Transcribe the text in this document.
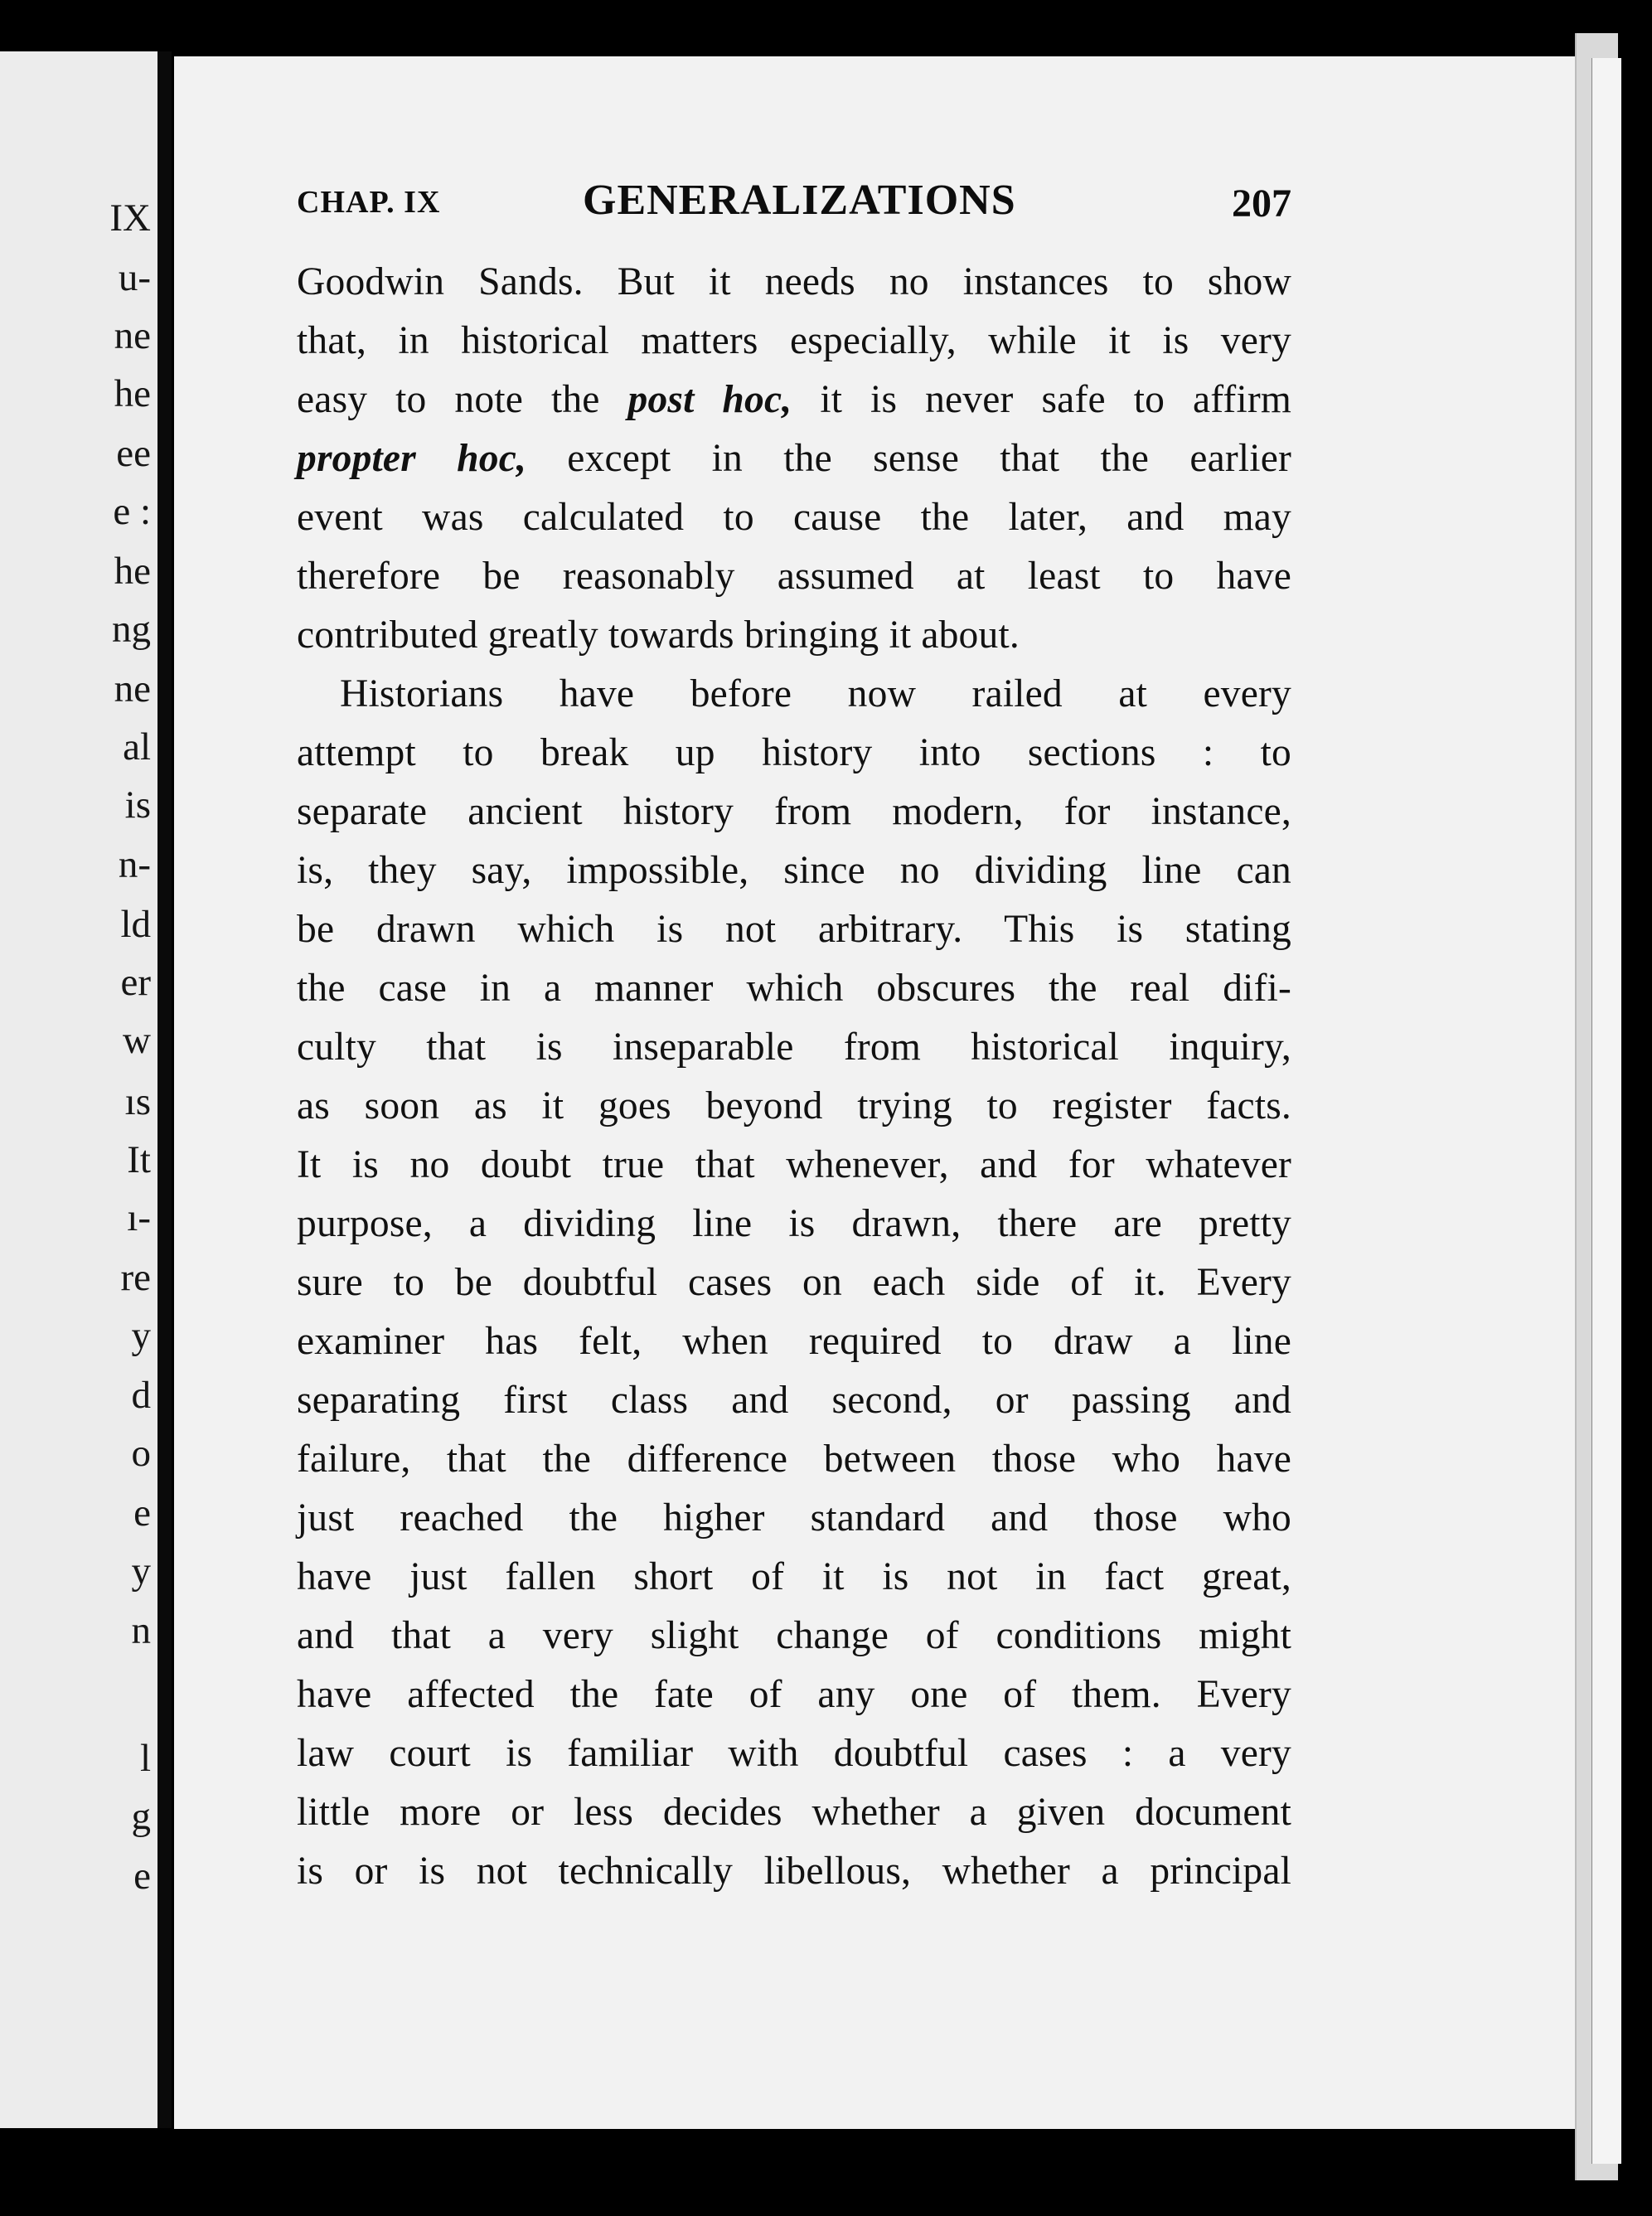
IX
u-
ne
he
ee
e :
he
ng
ne
al
is
n-
ld
er
w
ıs
It
ı-
re
y
d
o
e
y
n
l
g
e
CHAP. IX	GENERALIZATIONS	207
Goodwin Sands. But it needs no instances to show
that, in historical matters especially, while it is very
easy to note the post hoc, it is never safe to affirm
propter hoc, except in the sense that the earlier
event was calculated to cause the later, and may
therefore be reasonably assumed at least to have
contributed greatly towards bringing it about.
Historians have before now railed at every
attempt to break up history into sections : to
separate ancient history from modern, for instance,
is, they say, impossible, since no dividing line can
be drawn which is not arbitrary. This is stating
the case in a manner which obscures the real difi-
culty that is inseparable from historical inquiry,
as soon as it goes beyond trying to register facts.
It is no doubt true that whenever, and for whatever
purpose, a dividing line is drawn, there are pretty
sure to be doubtful cases on each side of it. Every
examiner has felt, when required to draw a line
separating first class and second, or passing and
failure, that the difference between those who have
just reached the higher standard and those who
have just fallen short of it is not in fact great,
and that a very slight change of conditions might
have affected the fate of any one of them. Every
law court is familiar with doubtful cases : a very
little more or less decides whether a given document
is or is not technically libellous, whether a principal
